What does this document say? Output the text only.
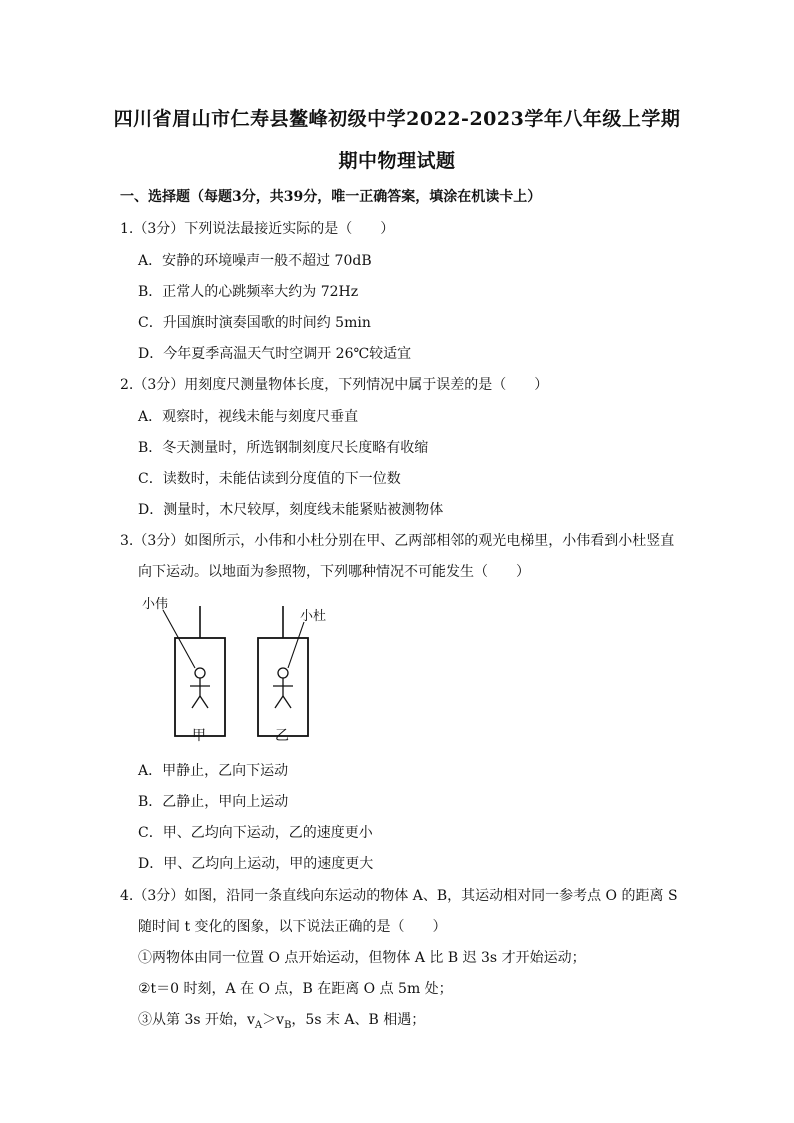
四川省眉山市仁寿县鳌峰初级中学2022-2023学年八年级上学期
期中物理试题
一、选择题（每题3分，共39分，唯一正确答案，填涂在机读卡上）
1.（3分）下列说法最接近实际的是（　　）
A．安静的环境噪声一般不超过 70dB
B．正常人的心跳频率大约为 72Hz
C．升国旗时演奏国歌的时间约 5min
D．今年夏季高温天气时空调开 26℃较适宜
2.（3分）用刻度尺测量物体长度，下列情况中属于误差的是（　　）
A．观察时，视线未能与刻度尺垂直
B．冬天测量时，所选钢制刻度尺长度略有收缩
C．读数时，未能估读到分度值的下一位数
D．测量时，木尺较厚，刻度线未能紧贴被测物体
3.（3分）如图所示，小伟和小杜分别在甲、乙两部相邻的观光电梯里，小伟看到小杜竖直
向下运动。以地面为参照物，下列哪种情况不可能发生（　　）
小伟
小杜
甲	乙
A．甲静止，乙向下运动
B．乙静止，甲向上运动
C．甲、乙均向下运动，乙的速度更小
D．甲、乙均向上运动，甲的速度更大
4.（3分）如图，沿同一条直线向东运动的物体 A、B，其运动相对同一参考点 O 的距离 S
随时间 t 变化的图象，以下说法正确的是（　　）
①两物体由同一位置 O 点开始运动，但物体 A 比 B 迟 3s 才开始运动；
②t＝0 时刻，A 在 O 点，B 在距离 O 点 5m 处；
③从第 3s 开始，$v_A>v_B$，5s 末 A、B 相遇；
